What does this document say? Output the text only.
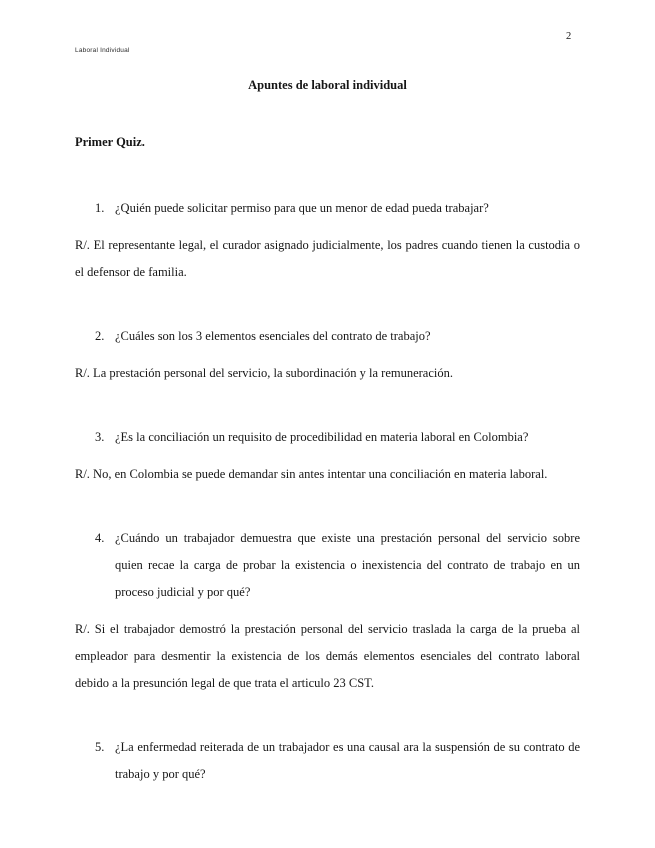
Laboral Individual
2
Apuntes de laboral individual
Primer Quiz.

1. ¿Quién puede solicitar permiso para que un menor de edad pueda trabajar?

R/. El representante legal, el curador asignado judicialmente, los padres cuando tienen la custodia o el defensor de familia.

2. ¿Cuáles son los 3 elementos esenciales del contrato de trabajo?

R/. La prestación personal del servicio, la subordinación y la remuneración.

3. ¿Es la conciliación un requisito de procedibilidad en materia laboral en Colombia?

R/. No, en Colombia se puede demandar sin antes intentar una conciliación en materia laboral.

4. ¿Cuándo un trabajador demuestra que existe una prestación personal del servicio sobre quien recae la carga de probar la existencia o inexistencia del contrato de trabajo en un proceso judicial y por qué?

R/. Si el trabajador demostró la prestación personal del servicio traslada la carga de la prueba al empleador para desmentir la existencia de los demás elementos esenciales del contrato laboral debido a la presunción legal de que trata el articulo 23 CST.

5. ¿La enfermedad reiterada de un trabajador es una causal ara la suspensión de su contrato de trabajo y por qué?
